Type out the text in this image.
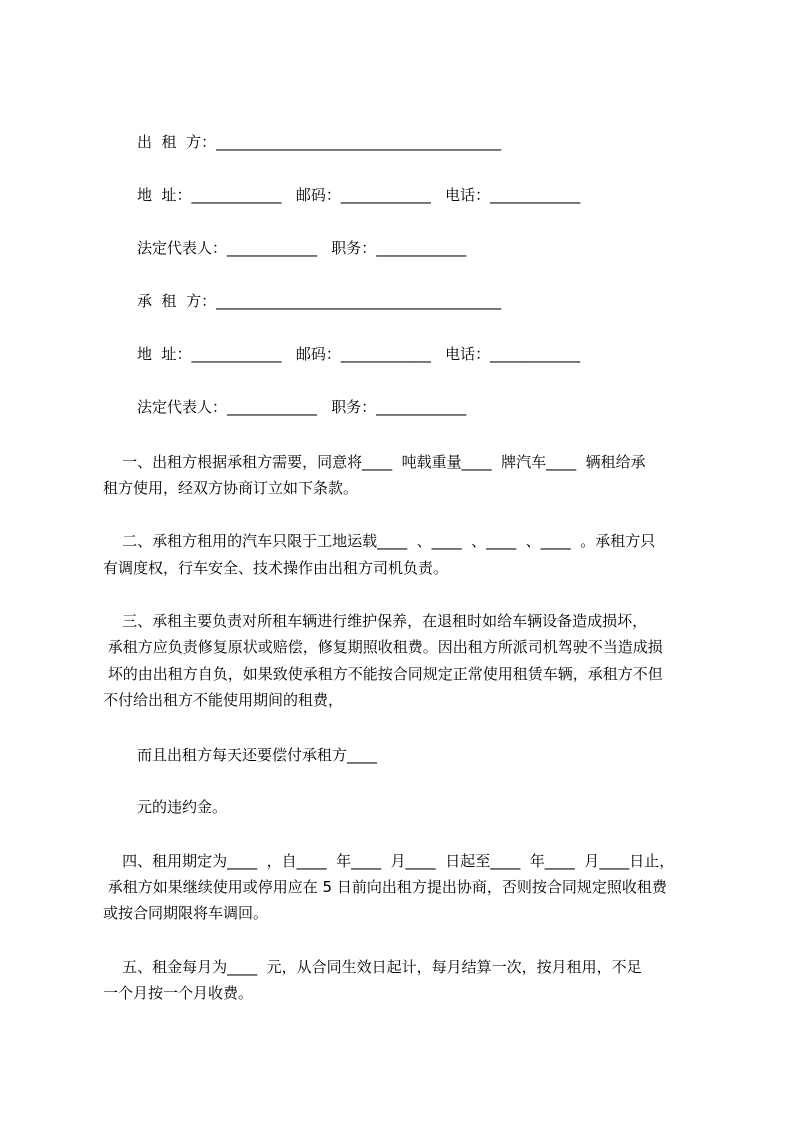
出  租  方：______________________________________

地  址：____________   邮码：____________   电话：____________

法定代表人：____________   职务：____________

承  租  方：______________________________________

地  址：____________   邮码：____________   电话：____________

法定代表人：____________   职务：____________

一、出租方根据承租方需要，同意将____  吨载重量____  牌汽车____  辆租给承

租方使用，经双方协商订立如下条款。

二、承租方租用的汽车只限于工地运载____  、____  、____  、____  。承租方只

有调度权，行车安全、技术操作由出租方司机负责。

三、承租主要负责对所租车辆进行维护保养，在退租时如给车辆设备造成损坏，

承租方应负责修复原状或赔偿，修复期照收租费。因出租方所派司机驾驶不当造成损

坏的由出租方自负，如果致使承租方不能按合同规定正常使用租赁车辆，承租方不但

不付给出租方不能使用期间的租费，

而且出租方每天还要偿付承租方____

元的违约金。

四、租用期定为____  ，自____  年____  月____  日起至____  年____  月____日止，

承租方如果继续使用或停用应在 5 日前向出租方提出协商，否则按合同规定照收租费

或按合同期限将车调回。

五、租金每月为____  元，从合同生效日起计，每月结算一次，按月租用，不足

一个月按一个月收费。
